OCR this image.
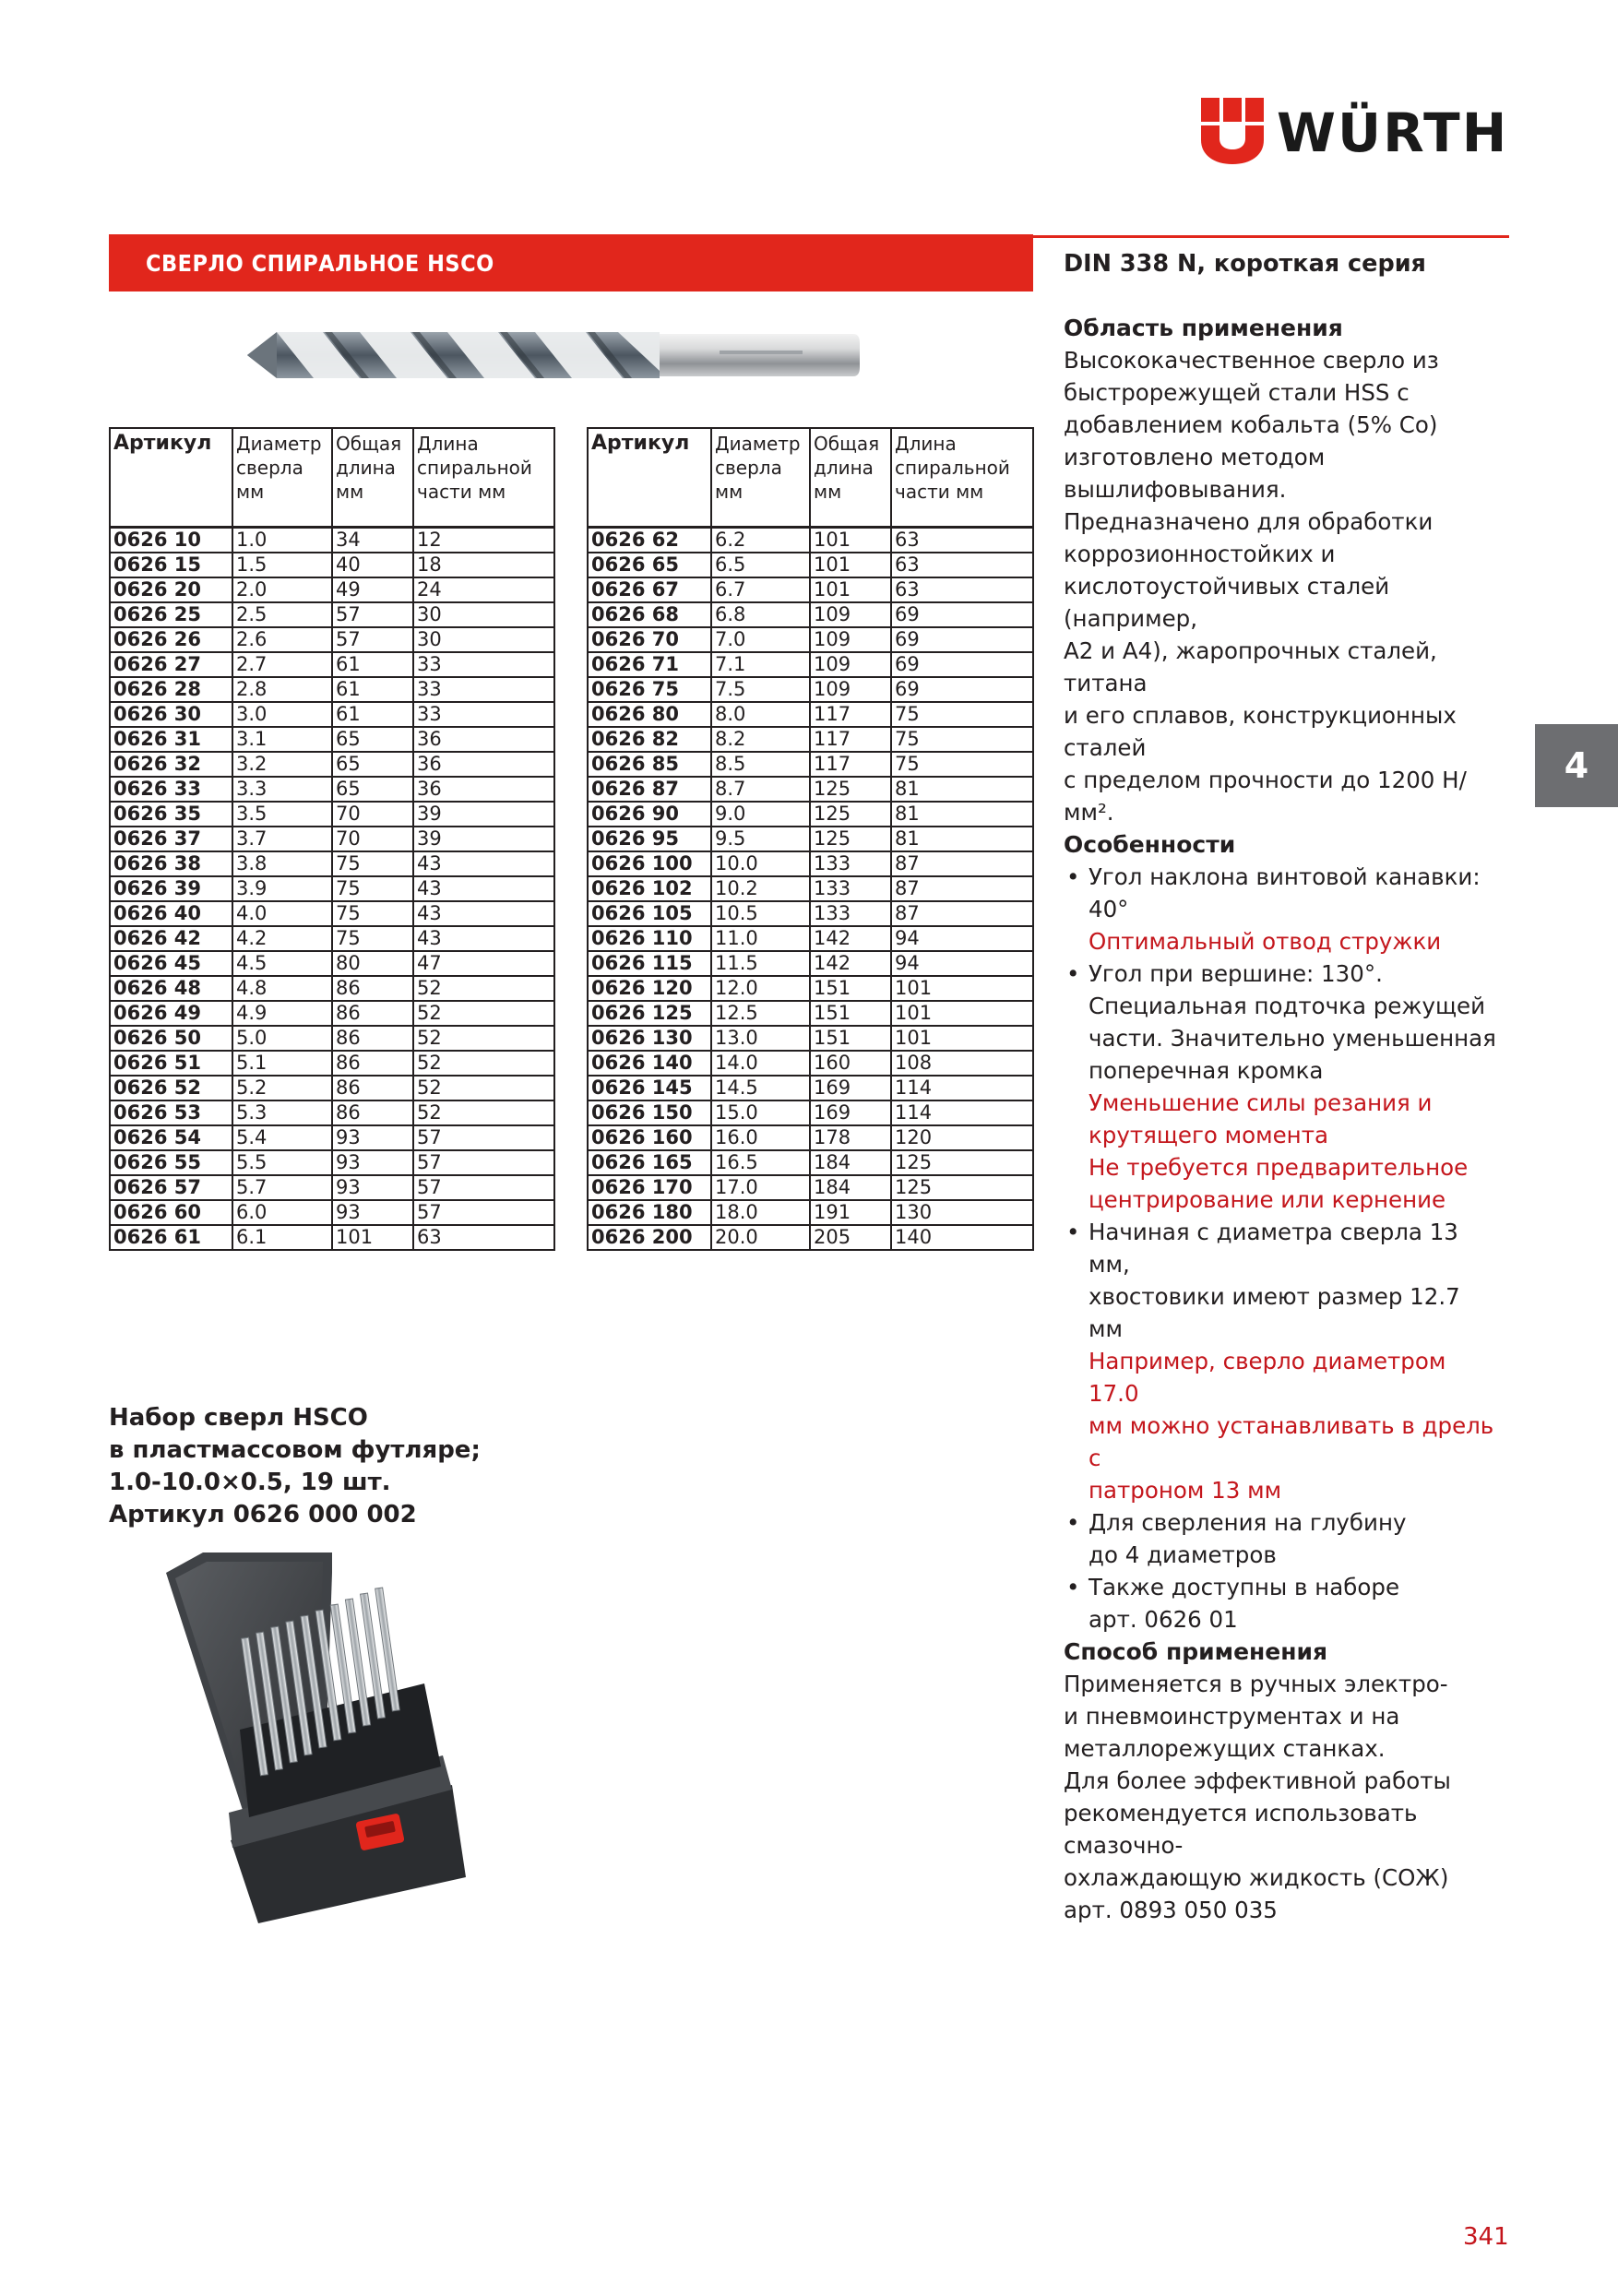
WÜRTH
СВЕРЛО СПИРАЛЬНОЕ HSCO
Артикул	Диаметр сверла мм	Общая длина мм	Длина спиральной части мм
0626 10	1.0	34	12
0626 15	1.5	40	18
0626 20	2.0	49	24
0626 25	2.5	57	30
0626 26	2.6	57	30
0626 27	2.7	61	33
0626 28	2.8	61	33
0626 30	3.0	61	33
0626 31	3.1	65	36
0626 32	3.2	65	36
0626 33	3.3	65	36
0626 35	3.5	70	39
0626 37	3.7	70	39
0626 38	3.8	75	43
0626 39	3.9	75	43
0626 40	4.0	75	43
0626 42	4.2	75	43
0626 45	4.5	80	47
0626 48	4.8	86	52
0626 49	4.9	86	52
0626 50	5.0	86	52
0626 51	5.1	86	52
0626 52	5.2	86	52
0626 53	5.3	86	52
0626 54	5.4	93	57
0626 55	5.5	93	57
0626 57	5.7	93	57
0626 60	6.0	93	57
0626 61	6.1	101	63
Артикул	Диаметр сверла мм	Общая длина мм	Длина спиральной части мм
0626 62	6.2	101	63
0626 65	6.5	101	63
0626 67	6.7	101	63
0626 68	6.8	109	69
0626 70	7.0	109	69
0626 71	7.1	109	69
0626 75	7.5	109	69
0626 80	8.0	117	75
0626 82	8.2	117	75
0626 85	8.5	117	75
0626 87	8.7	125	81
0626 90	9.0	125	81
0626 95	9.5	125	81
0626 100	10.0	133	87
0626 102	10.2	133	87
0626 105	10.5	133	87
0626 110	11.0	142	94
0626 115	11.5	142	94
0626 120	12.0	151	101
0626 125	12.5	151	101
0626 130	13.0	151	101
0626 140	14.0	160	108
0626 145	14.5	169	114
0626 150	15.0	169	114
0626 160	16.0	178	120
0626 165	16.5	184	125
0626 170	17.0	184	125
0626 180	18.0	191	130
0626 200	20.0	205	140
DIN 338 N, короткая серия
Область применения

Высококачественное сверло из

быстрорежущей стали HSS с

добавлением кобальта (5% Co)

изготовлено методом вышлифовывания.

Предназначено для обработки

коррозионностойких и

кислотоустойчивых сталей (например,

А2 и А4), жаропрочных сталей, титана

и его сплавов, конструкционных сталей

с пределом прочности до 1200 Н/мм².

Особенности
• Угол наклона винтовой канавки: 40°
Оптимальный отвод стружки
• Угол при вершине: 130°.
Специальная подточка режущей
части. Значительно уменьшенная
поперечная кромка
Уменьшение силы резания и
крутящего момента
Не требуется предварительное
центрирование или кернение
• Начиная с диаметра сверла 13 мм,
хвостовики имеют размер 12.7 мм
Например, сверло диаметром 17.0
мм можно устанавливать в дрель с
патроном 13 мм
• Для сверления на глубину
до 4 диаметров
• Также доступны в наборе
арт. 0626 01
Способ применения

Применяется в ручных электро-

и пневмоинструментах и на

металлорежущих станках.

Для более эффективной работы

рекомендуется использовать смазочно-

охлаждающую жидкость (СОЖ)

арт. 0893 050 035

4
Набор сверл HSCO
в пластмассовом футляре;
1.0-10.0×0.5, 19 шт.
Артикул 0626 000 002
341
